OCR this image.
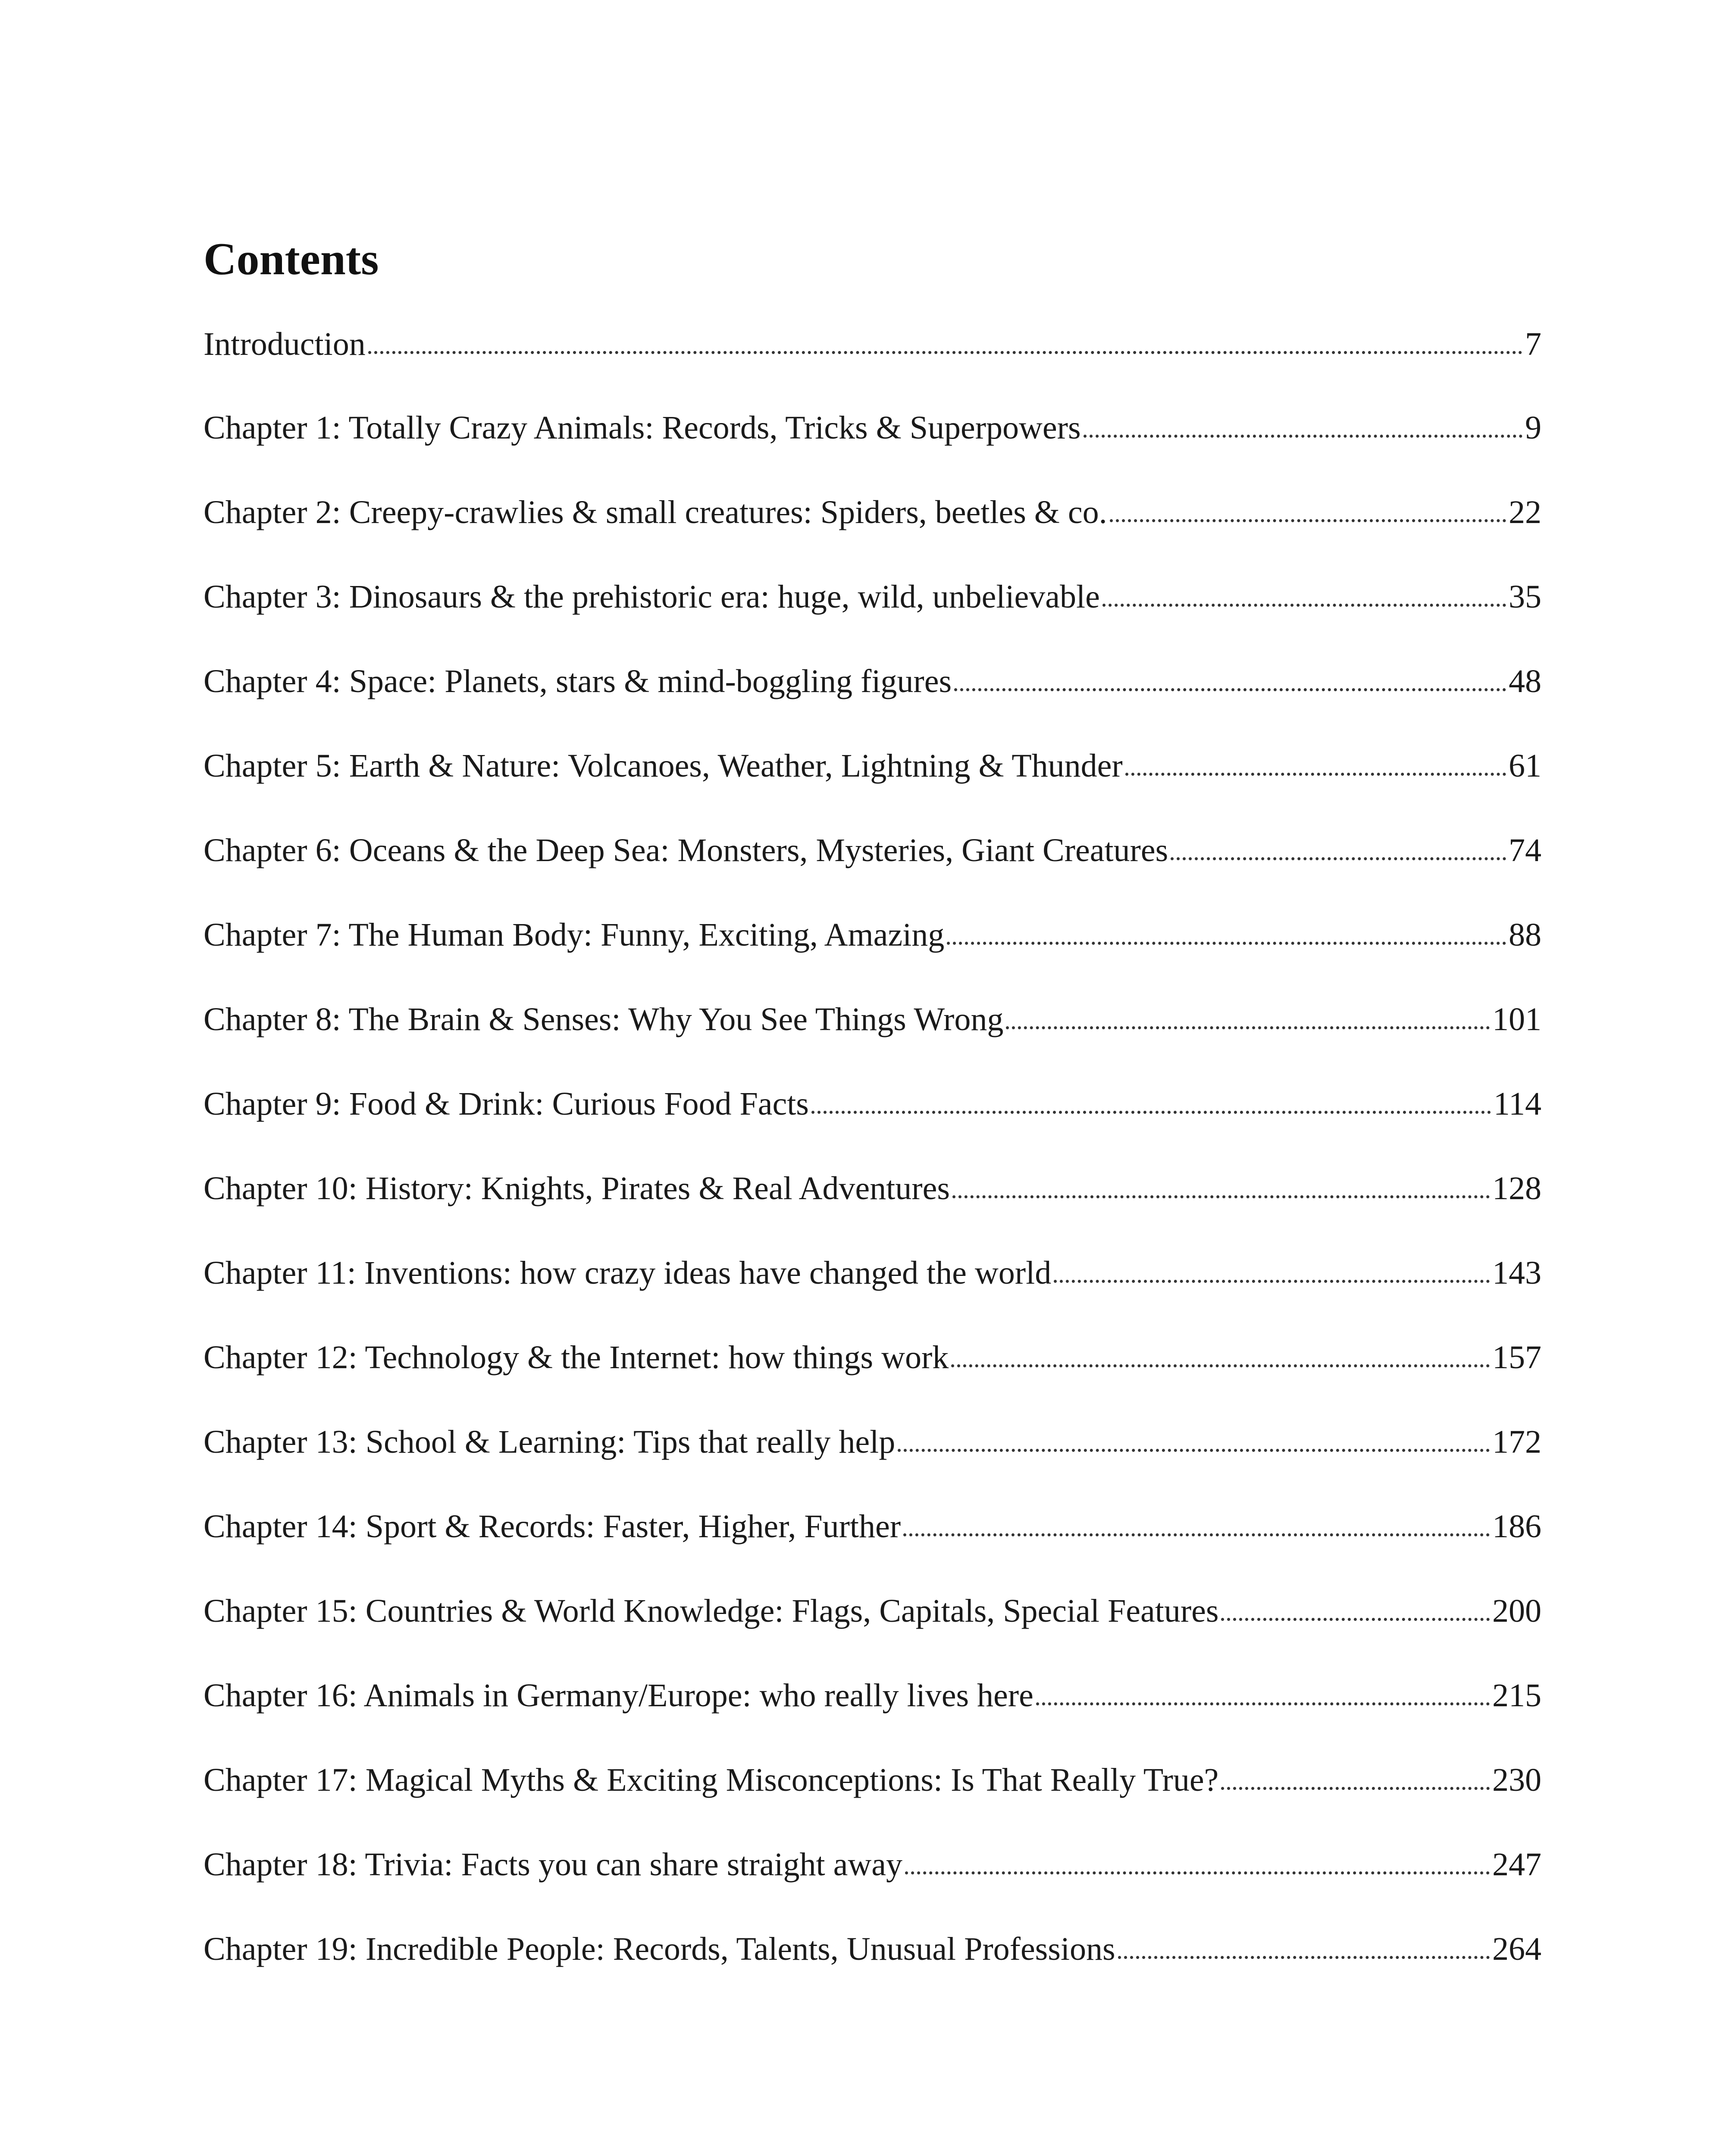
Contents
Introduction	7
Chapter 1: Totally Crazy Animals: Records, Tricks & Superpowers	9
Chapter 2: Creepy-crawlies & small creatures: Spiders, beetles & co.	22
Chapter 3: Dinosaurs & the prehistoric era: huge, wild, unbelievable	35
Chapter 4: Space: Planets, stars & mind-boggling figures	48
Chapter 5: Earth & Nature: Volcanoes, Weather, Lightning & Thunder	61
Chapter 6: Oceans & the Deep Sea: Monsters, Mysteries, Giant Creatures	74
Chapter 7: The Human Body: Funny, Exciting, Amazing	88
Chapter 8: The Brain & Senses: Why You See Things Wrong	101
Chapter 9: Food & Drink: Curious Food Facts	114
Chapter 10: History: Knights, Pirates & Real Adventures	128
Chapter 11: Inventions: how crazy ideas have changed the world	143
Chapter 12: Technology & the Internet: how things work	157
Chapter 13: School & Learning: Tips that really help	172
Chapter 14: Sport & Records: Faster, Higher, Further	186
Chapter 15: Countries & World Knowledge: Flags, Capitals, Special Features	200
Chapter 16: Animals in Germany/Europe: who really lives here	215
Chapter 17: Magical Myths & Exciting Misconceptions: Is That Really True?	230
Chapter 18: Trivia: Facts you can share straight away	247
Chapter 19: Incredible People: Records, Talents, Unusual Professions	264
